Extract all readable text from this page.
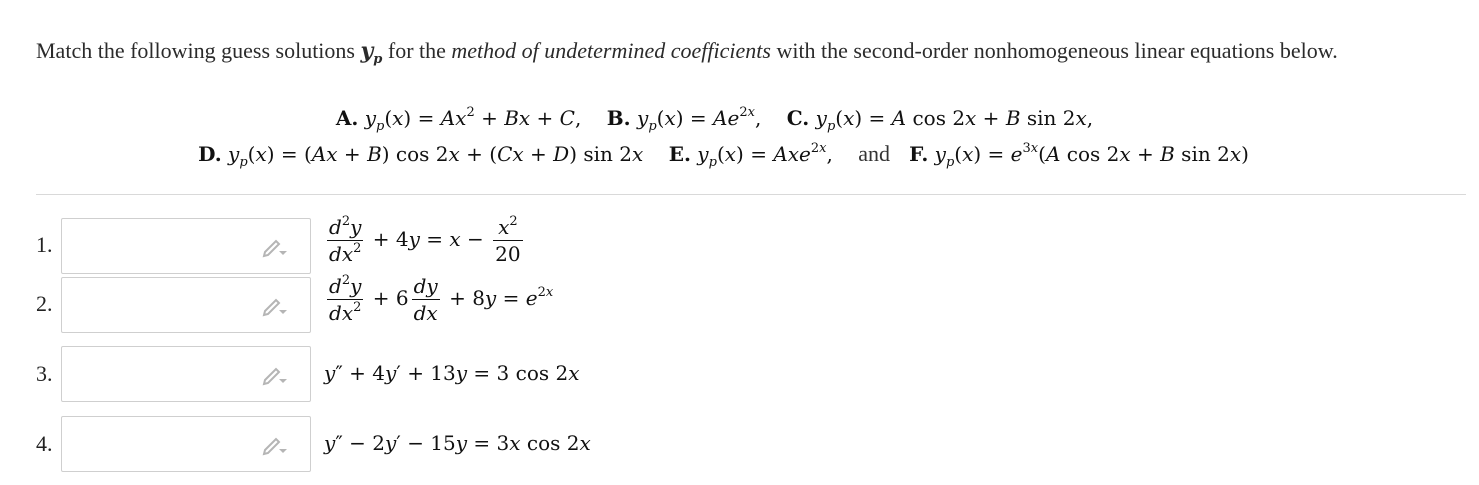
Match the following guess solutions $y_p$ for the method of undetermined coefficients with the second-order nonhomogeneous linear equations below.
A. $y_p(x) = Ax^2 + Bx + C$, B. $y_p(x) = Ae^{2x}$, C. $y_p(x) = A$ cos 2x + B sin 2x,
D. $y_p(x) = (Ax + B)$ cos 2x + (Cx + D) sin 2x E. $y_p(x) = Axe^{2x}$, and F. $y_p(x) = e^{3x}(A$ cos 2x + B sin 2x)
1.	$\frac{d^2y}{dx^2} + 4y = x - \frac{x^2}{20}$
2.	$\frac{d^2y}{dx^2} + 6 \frac{dy}{dx} + 8y = e^{2x}$
3.	y″ + 4y′ + 13y = 3 cos 2x
4.	y″ − 2y′ − 15y = 3x cos 2x
